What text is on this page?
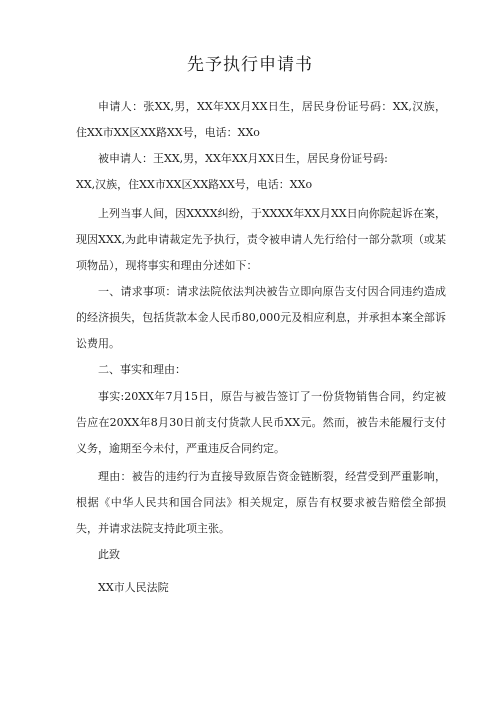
先予执行申请书

申请人：张XX,男，XX年XX月XX日生，居民身份证号码：XX,汉族，住XX市XX区XX路XX号，电话：XXo

被申请人：王XX,男，XX年XX月XX日生，居民身份证号码:

XX,汉族，住XX市XX区XX路XX号，电话：XXo

上列当事人间，因XXXX纠纷，于XXXX年XX月XX日向你院起诉在案，现因XXX,为此申请裁定先予执行，责令被申请人先行给付一部分款项（或某项物品），现将事实和理由分述如下：

一、请求事项：请求法院依法判决被告立即向原告支付因合同违约造成的经济损失，包括货款本金人民币80,000元及相应利息，并承担本案全部诉讼费用。

二、事实和理由：

事实:20XX年7月15日，原告与被告签订了一份货物销售合同，约定被告应在20XX年8月30日前支付货款人民币XX元。然而，被告未能履行支付义务，逾期至今未付，严重违反合同约定。

理由：被告的违约行为直接导致原告资金链断裂，经营受到严重影响，根据《中华人民共和国合同法》相关规定，原告有权要求被告赔偿全部损失，并请求法院支持此项主张。

此致

XX市人民法院
